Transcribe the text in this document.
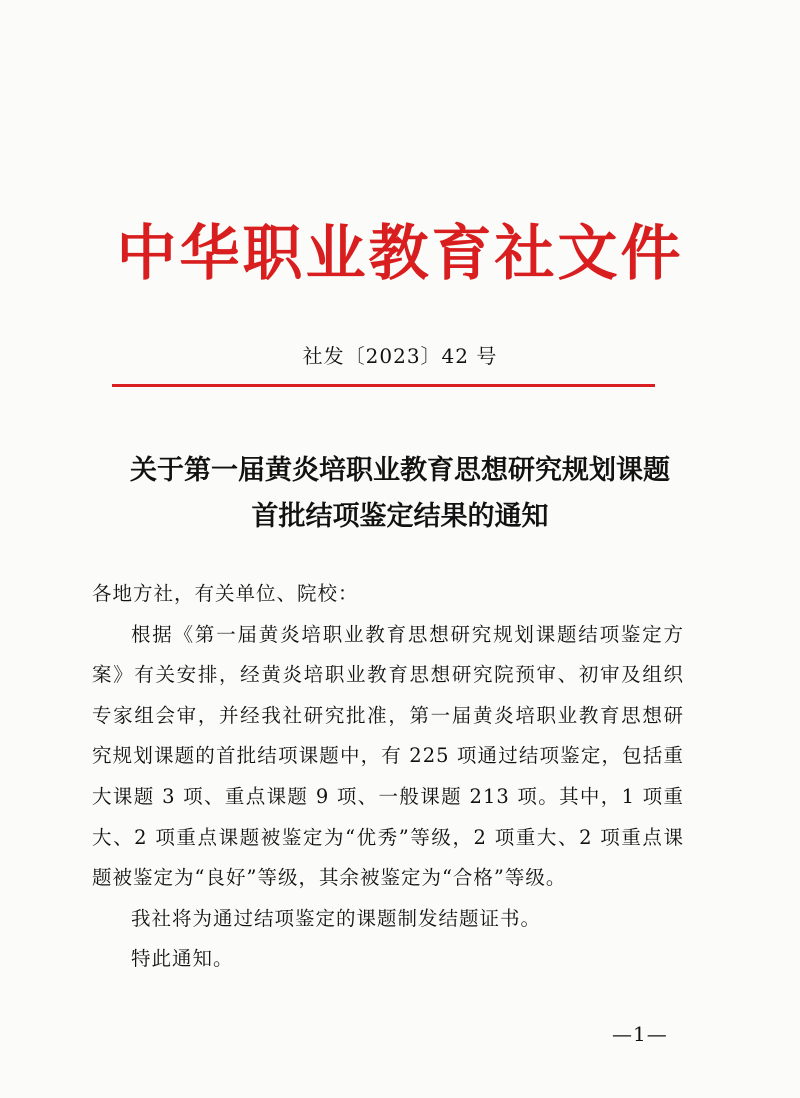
中华职业教育社文件
社发〔2023〕42 号
关于第一届黄炎培职业教育思想研究规划课题
首批结项鉴定结果的通知

各地方社，有关单位、院校：

根据《第一届黄炎培职业教育思想研究规划课题结项鉴定方案》有关安排，经黄炎培职业教育思想研究院预审、初审及组织专家组会审，并经我社研究批准，第一届黄炎培职业教育思想研究规划课题的首批结项课题中，有 225 项通过结项鉴定，包括重大课题 3 项、重点课题 9 项、一般课题 213 项。其中，1 项重大、2 项重点课题被鉴定为“优秀”等级，2 项重大、2 项重点课题被鉴定为“良好”等级，其余被鉴定为“合格”等级。

我社将为通过结项鉴定的课题制发结题证书。

特此通知。

—1—
